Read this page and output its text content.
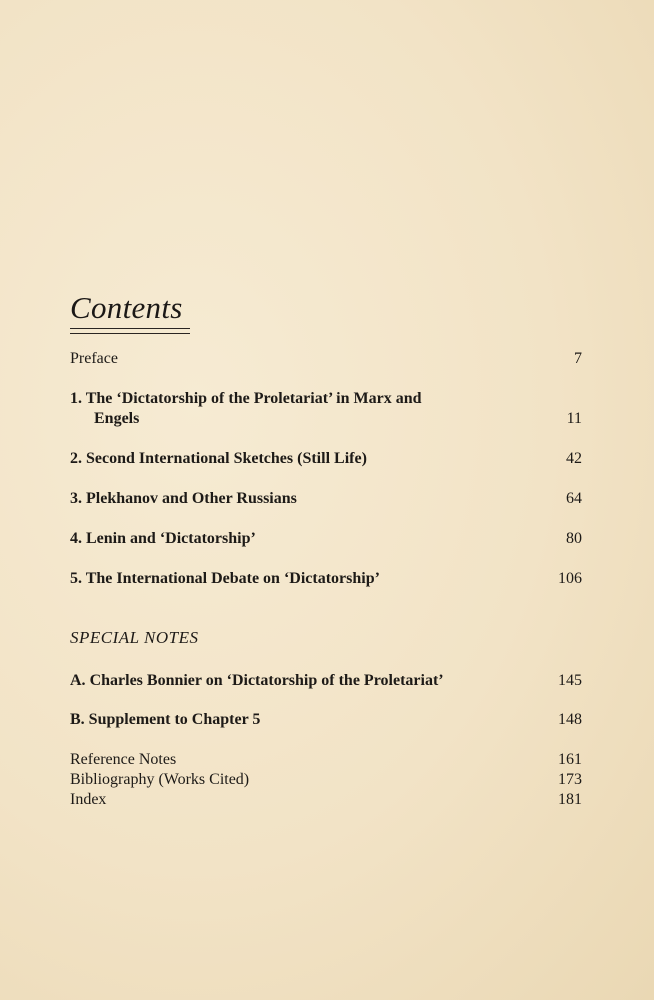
Contents
Preface	7
1. The ‘Dictatorship of the Proletariat’ in Marx and
Engels	11
2. Second International Sketches (Still Life)	42
3. Plekhanov and Other Russians	64
4. Lenin and ‘Dictatorship’	80
5. The International Debate on ‘Dictatorship’	106
SPECIAL NOTES
A. Charles Bonnier on ‘Dictatorship of the Proletariat’	145
B. Supplement to Chapter 5	148
Reference Notes	161
Bibliography (Works Cited)	173
Index	181
